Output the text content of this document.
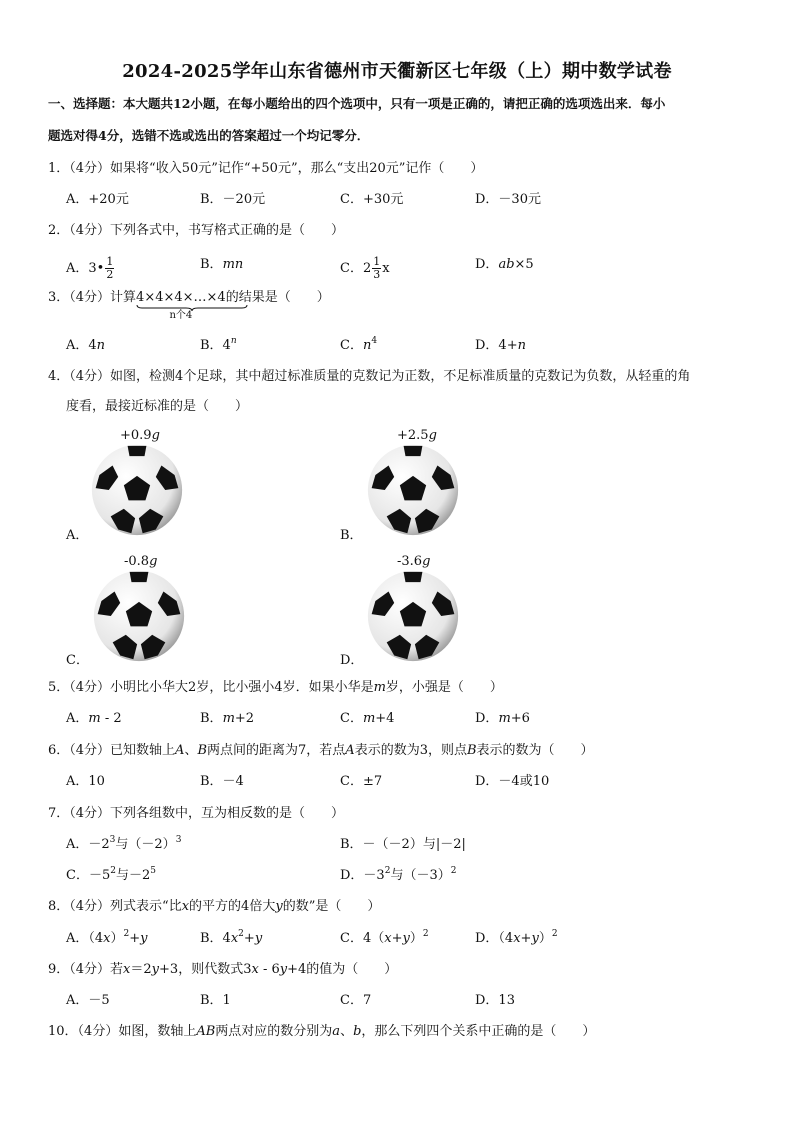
2024-2025学年山东省德州市天衢新区七年级（上）期中数学试卷
一、选择题：本大题共12小题，在每小题给出的四个选项中，只有一项是正确的，请把正确的选项选出来．每小
题选对得4分，选错不选或选出的答案超过一个均记零分．
1．（4分）如果将“收入50元”记作“+50元”，那么“支出20元”记作（　　）
A．+20元	B．－20元	C．+30元	D．－30元
2．（4分）下列各式中，书写格式正确的是（　　）
A．3• $\frac{1}{2}$	B．mn	C．$2 \frac{1}{3}$ x	D．ab×5
3．（4分）计算4×4×4×…×4
n个4
的结果是（　　）
A．4n	B．4$^n$	C．$n^4$	D．4+n
4．（4分）如图，检测4个足球，其中超过标准质量的克数记为正数，不足标准质量的克数记为负数，从轻重的角
度看，最接近标准的是（　　）
+0.9g
A．
+2.5g
B．
-0.8g
C．
-3.6g
D．
5．（4分）小明比小华大2岁，比小强小4岁．如果小华是m岁，小强是（　　）
A．m - 2	B．m+2	C．m+4	D．m+6
6．（4分）已知数轴上A、B两点间的距离为7，若点A表示的数为3，则点B表示的数为（　　）
A．10	B．－4	C．±7	D．－4或10
7．（4分）下列各组数中，互为相反数的是（　　）
A．$-2^3$与$(-2)^3$	B．－（－2）与|－2|
C．$-5^2$与$-2^5$	D．$-3^2$与$(-3)^2$
8．（4分）列式表示“比x的平方的4倍大y的数”是（　　）
A．$(4x)^2+y$	B．$4x^2+y$	C．$4(x+y)^2$	D．$(4x+y)^2$
9．（4分）若x＝2y+3，则代数式3x - 6y+4的值为（　　）
A．－5	B．1	C．7	D．13
10．（4分）如图，数轴上AB两点对应的数分别为a、b，那么下列四个关系中正确的是（　　）
